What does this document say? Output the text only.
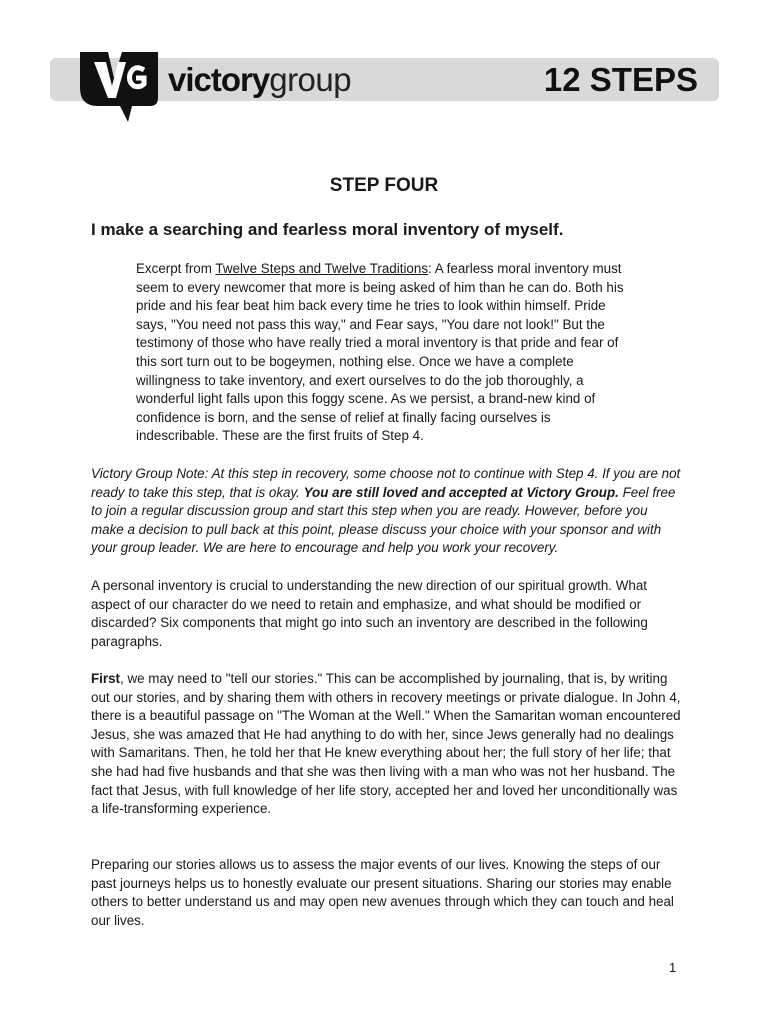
victorygroup	12 STEPS
STEP FOUR
I make a searching and fearless moral inventory of myself.

Excerpt from Twelve Steps and Twelve Traditions: A fearless moral inventory must seem to every newcomer that more is being asked of him than he can do. Both his pride and his fear beat him back every time he tries to look within himself. Pride says, "You need not pass this way," and Fear says, "You dare not look!" But the testimony of those who have really tried a moral inventory is that pride and fear of this sort turn out to be bogeymen, nothing else. Once we have a complete willingness to take inventory, and exert ourselves to do the job thoroughly, a wonderful light falls upon this foggy scene. As we persist, a brand-new kind of confidence is born, and the sense of relief at finally facing ourselves is indescribable. These are the first fruits of Step 4.

Victory Group Note: At this step in recovery, some choose not to continue with Step 4. If you are not ready to take this step, that is okay. You are still loved and accepted at Victory Group. Feel free to join a regular discussion group and start this step when you are ready. However, before you make a decision to pull back at this point, please discuss your choice with your sponsor and with your group leader. We are here to encourage and help you work your recovery.

A personal inventory is crucial to understanding the new direction of our spiritual growth. What aspect of our character do we need to retain and emphasize, and what should be modified or discarded? Six components that might go into such an inventory are described in the following paragraphs.

First, we may need to "tell our stories." This can be accomplished by journaling, that is, by writing out our stories, and by sharing them with others in recovery meetings or private dialogue. In John 4, there is a beautiful passage on "The Woman at the Well." When the Samaritan woman encountered Jesus, she was amazed that He had anything to do with her, since Jews generally had no dealings with Samaritans. Then, he told her that He knew everything about her; the full story of her life; that she had had five husbands and that she was then living with a man who was not her husband. The fact that Jesus, with full knowledge of her life story, accepted her and loved her unconditionally was a life-transforming experience.

Preparing our stories allows us to assess the major events of our lives. Knowing the steps of our past journeys helps us to honestly evaluate our present situations. Sharing our stories may enable others to better understand us and may open new avenues through which they can touch and heal our lives.

1
